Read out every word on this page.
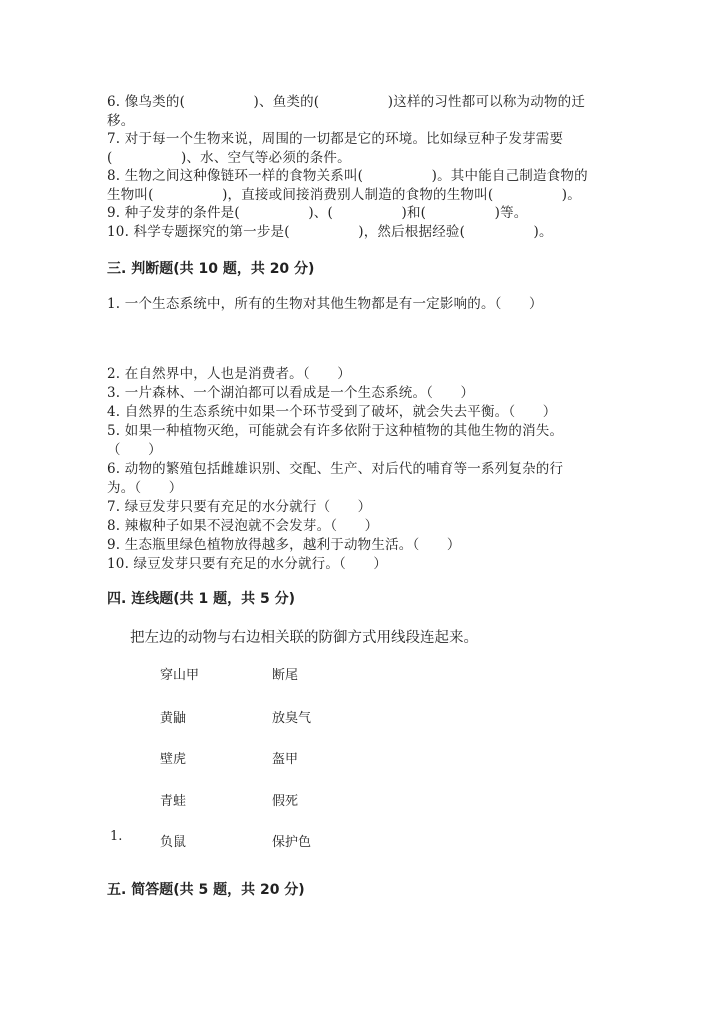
6. 像鸟类的(　　　　　)、鱼类的(　　　　　)这样的习性都可以称为动物的迁
移。
7. 对于每一个生物来说，周围的一切都是它的环境。比如绿豆种子发芽需要
(　　　　　)、水、空气等必须的条件。
8. 生物之间这种像链环一样的食物关系叫(　　　　　)。其中能自己制造食物的
生物叫(　　　　　)，直接或间接消费别人制造的食物的生物叫(　　　　　)。
9. 种子发芽的条件是(　　　　　)、(　　　　　)和(　　　　　)等。
10. 科学专题探究的第一步是(　　　　　)，然后根据经验(　　　　　)。
三. 判断题(共 10 题，共 20 分)
1. 一个生态系统中，所有的生物对其他生物都是有一定影响的。（　　）
2. 在自然界中，人也是消费者。（　　）
3. 一片森林、一个湖泊都可以看成是一个生态系统。（　　）
4. 自然界的生态系统中如果一个环节受到了破坏，就会失去平衡。（　　）
5. 如果一种植物灭绝，可能就会有许多依附于这种植物的其他生物的消失。
（　　）
6. 动物的繁殖包括雌雄识别、交配、生产、对后代的哺育等一系列复杂的行
为。（　　）
7. 绿豆发芽只要有充足的水分就行（　　）
8. 辣椒种子如果不浸泡就不会发芽。（　　）
9. 生态瓶里绿色植物放得越多，越利于动物生活。（　　）
10. 绿豆发芽只要有充足的水分就行。（　　）
四. 连线题(共 1 题，共 5 分)
把左边的动物与右边相关联的防御方式用线段连起来。
1.
穿山甲
黄鼬
壁虎
青蛙
负鼠
断尾
放臭气
盔甲
假死
保护色
五. 简答题(共 5 题，共 20 分)
